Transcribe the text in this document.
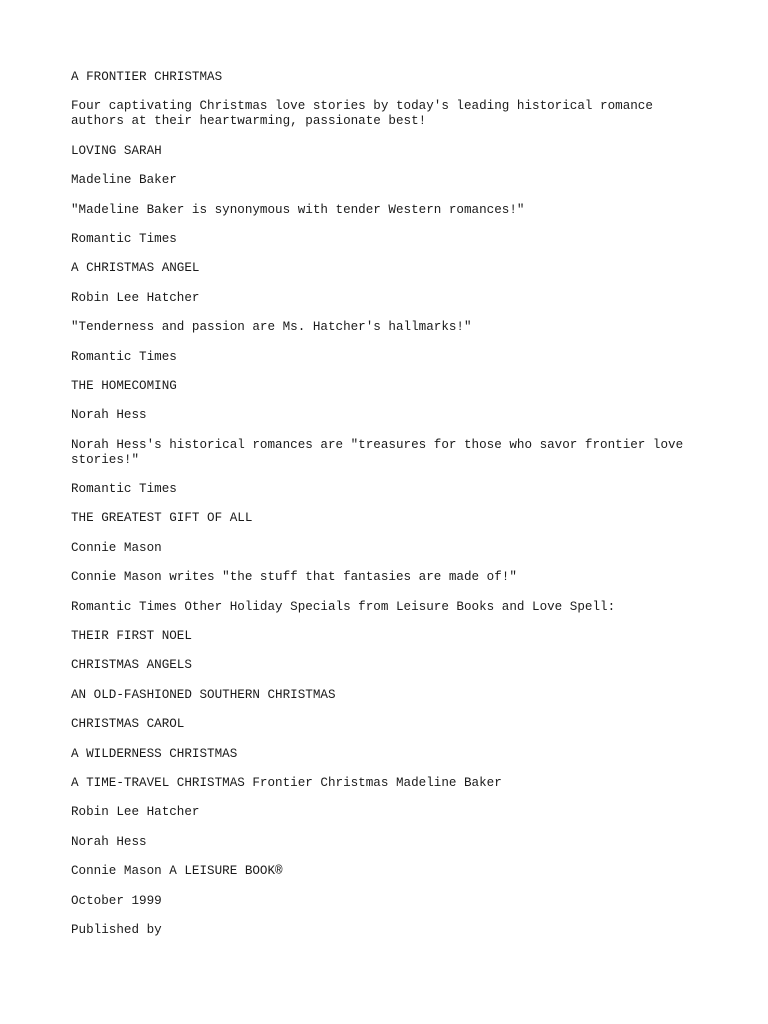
A FRONTIER CHRISTMAS

Four captivating Christmas love stories by today's leading historical romance authors at their heartwarming, passionate best!

LOVING SARAH

Madeline Baker

"Madeline Baker is synonymous with tender Western romances!"

Romantic Times

A CHRISTMAS ANGEL

Robin Lee Hatcher

"Tenderness and passion are Ms. Hatcher's hallmarks!"

Romantic Times

THE HOMECOMING

Norah Hess

Norah Hess's historical romances are "treasures for those who savor frontier love stories!"

Romantic Times

THE GREATEST GIFT OF ALL

Connie Mason

Connie Mason writes "the stuff that fantasies are made of!"

Romantic Times Other Holiday Specials from Leisure Books and Love Spell:

THEIR FIRST NOEL

CHRISTMAS ANGELS

AN OLD-FASHIONED SOUTHERN CHRISTMAS

CHRISTMAS CAROL

A WILDERNESS CHRISTMAS

A TIME-TRAVEL CHRISTMAS Frontier Christmas Madeline Baker

Robin Lee Hatcher

Norah Hess

Connie Mason A LEISURE BOOK®

October 1999

Published by
